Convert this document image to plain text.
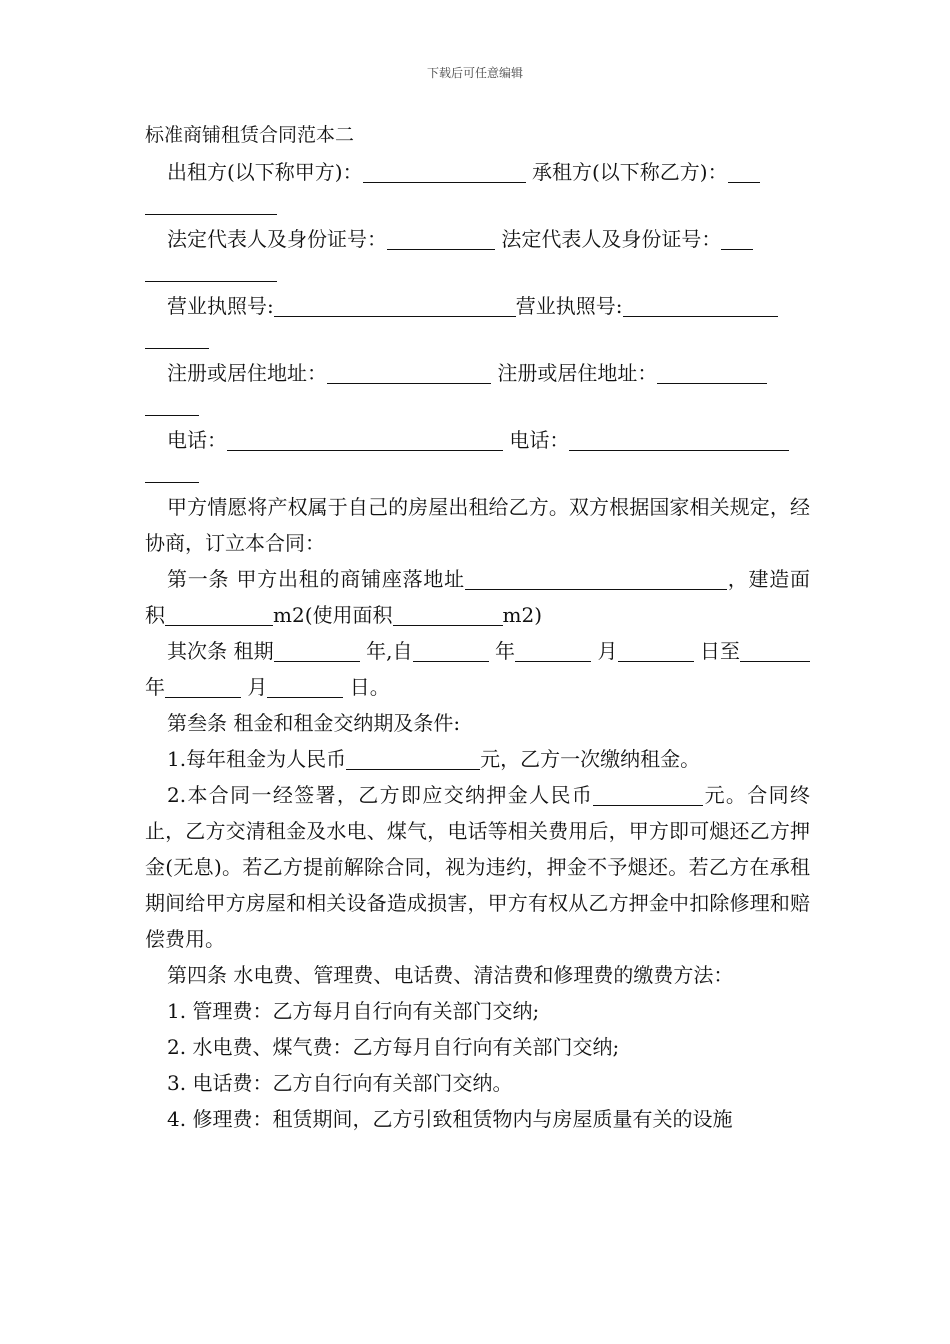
下载后可任意编辑
标准商铺租赁合同范本二
出租方(以下称甲方)：	承租方(以下称乙方)：
法定代表人及身份证号：	法定代表人及身份证号：
营业执照号:	营业执照号:
注册或居住地址：	注册或居住地址：
电话：	电话：
甲方情愿将产权属于自己的房屋出租给乙方。双方根据国家相关规定，经协商，订立本合同：
第一条 甲方出租的商铺座落地址	，建造面积	m2(使用面积	m2)
其次条 租期	年,自	年	月	日至 年	月	日。
第叁条 租金和租金交纳期及条件:
1.每年租金为人民币	元，乙方一次缴纳租金。
2.本合同一经签署，乙方即应交纳押金人民币	元。合同终止，乙方交清租金及水电、煤气，电话等相关费用后，甲方即可煺还乙方押金(无息)。若乙方提前解除合同，视为违约，押金不予煺还。若乙方在承租期间给甲方房屋和相关设备造成损害，甲方有权从乙方押金中扣除修理和赔偿费用。
第四条 水电费、管理费、电话费、清洁费和修理费的缴费方法：
1. 管理费：乙方每月自行向有关部门交纳;
2. 水电费、煤气费：乙方每月自行向有关部门交纳;
3. 电话费：乙方自行向有关部门交纳。
4. 修理费：租赁期间，乙方引致租赁物内与房屋质量有关的设施
